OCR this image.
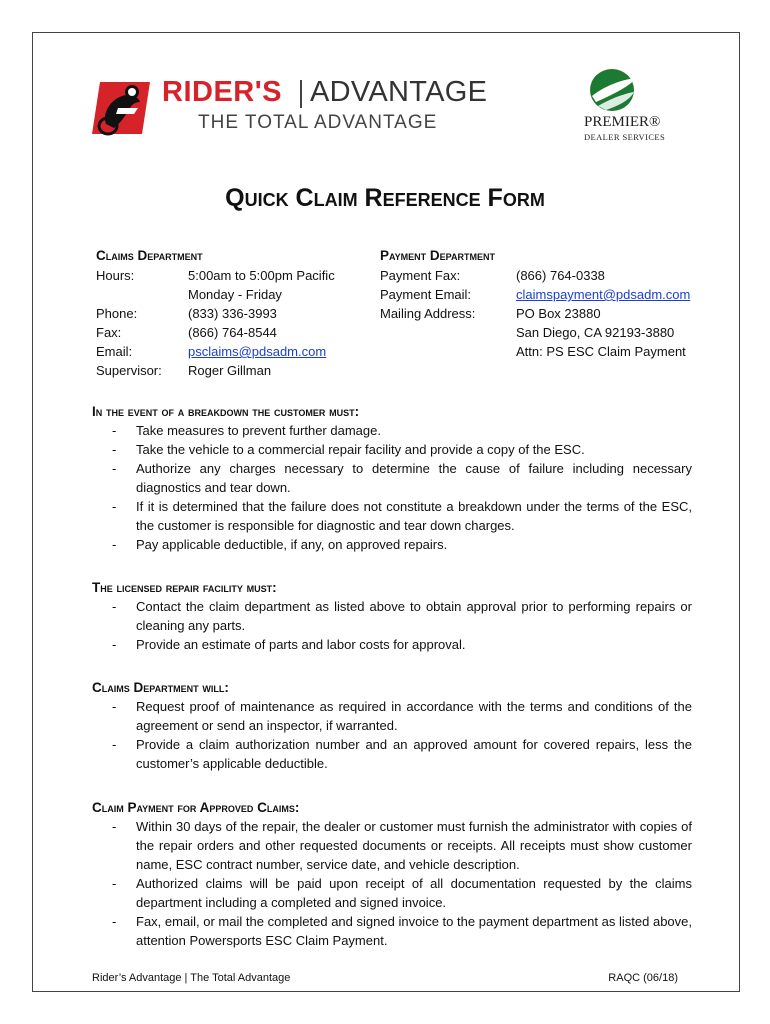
RIDER'S ADVANTAGE
THE TOTAL ADVANTAGE	PREMIER®
DEALER SERVICES
Quick Claim Reference Form
Claims Department
Hours:	5:00am to 5:00pm Pacific
Monday - Friday
Phone:	(833) 336-3993
Fax:	(866) 764-8544
Email:	psclaims@pdsadm.com
Supervisor:	Roger Gillman
Payment Department
Payment Fax:	(866) 764-0338
Payment Email:	claimspayment@pdsadm.com
Mailing Address:	PO Box 23880
San Diego, CA 92193-3880
Attn: PS ESC Claim Payment
In the event of a breakdown the customer must:
- Take measures to prevent further damage.
- Take the vehicle to a commercial repair facility and provide a copy of the ESC.
- Authorize any charges necessary to determine the cause of failure including necessary diagnostics and tear down.
- If it is determined that the failure does not constitute a breakdown under the terms of the ESC, the customer is responsible for diagnostic and tear down charges.
- Pay applicable deductible, if any, on approved repairs.
The licensed repair facility must:
- Contact the claim department as listed above to obtain approval prior to performing repairs or cleaning any parts.
- Provide an estimate of parts and labor costs for approval.
Claims Department will:
- Request proof of maintenance as required in accordance with the terms and conditions of the agreement or send an inspector, if warranted.
- Provide a claim authorization number and an approved amount for covered repairs, less the customer’s applicable deductible.
Claim Payment for Approved Claims:
- Within 30 days of the repair, the dealer or customer must furnish the administrator with copies of the repair orders and other requested documents or receipts. All receipts must show customer name, ESC contract number, service date, and vehicle description.
- Authorized claims will be paid upon receipt of all documentation requested by the claims department including a completed and signed invoice.
- Fax, email, or mail the completed and signed invoice to the payment department as listed above, attention Powersports ESC Claim Payment.
Rider’s Advantage | The Total Advantage	RAQC (06/18)
